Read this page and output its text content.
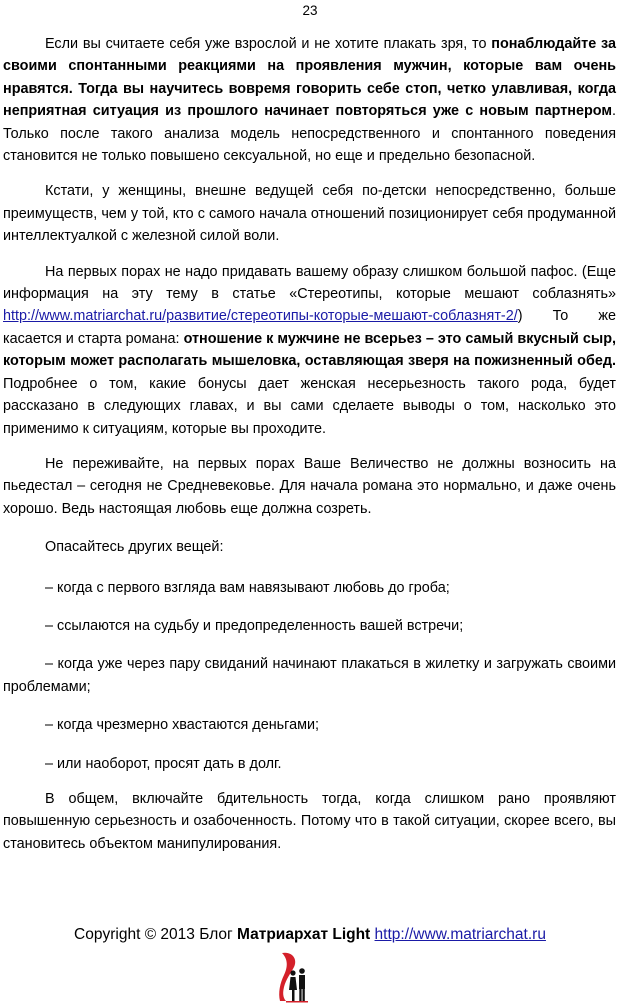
23

Если вы считаете себя уже взрослой и не хотите плакать зря, то понаблюдайте за своими спонтанными реакциями на проявления мужчин, которые вам очень нравятся. Тогда вы научитесь вовремя говорить себе стоп, четко улавливая, когда неприятная ситуация из прошлого начинает повторяться уже с новым партнером. Только после такого анализа модель непосредственного и спонтанного поведения становится не только повышено сексуальной, но еще и предельно безопасной.

Кстати, у женщины, внешне ведущей себя по-детски непосредственно, больше преимуществ, чем у той, кто с самого начала отношений позиционирует себя продуманной интеллектуалкой с железной силой воли.

На первых порах не надо придавать вашему образу слишком большой пафос. (Еще информация на эту тему в статье «Стереотипы, которые мешают соблазнять» http://www.matriarchat.ru/развитие/стереотипы-которые-мешают-соблазнят-2/) То же касается и старта романа: отношение к мужчине не всерьез – это самый вкусный сыр, которым может располагать мышеловка, оставляющая зверя на пожизненный обед. Подробнее о том, какие бонусы дает женская несерьезность такого рода, будет рассказано в следующих главах, и вы сами сделаете выводы о том, насколько это применимо к ситуациям, которые вы проходите.

Не переживайте, на первых порах Ваше Величество не должны возносить на пьедестал – сегодня не Средневековье. Для начала романа это нормально, и даже очень хорошо. Ведь настоящая любовь еще должна созреть.

Опасайтесь других вещей:

– когда с первого взгляда вам навязывают любовь до гроба;

– ссылаются на судьбу и предопределенность вашей встречи;

– когда уже через пару свиданий начинают плакаться в жилетку и загружать своими проблемами;

– когда чрезмерно хвастаются деньгами;

– или наоборот, просят дать в долг.

В общем, включайте бдительность тогда, когда слишком рано проявляют повышенную серьезность и озабоченность. Потому что в такой ситуации, скорее всего, вы становитесь объектом манипулирования.

Copyright © 2013 Блог Матриархат Light http://www.matriarchat.ru
